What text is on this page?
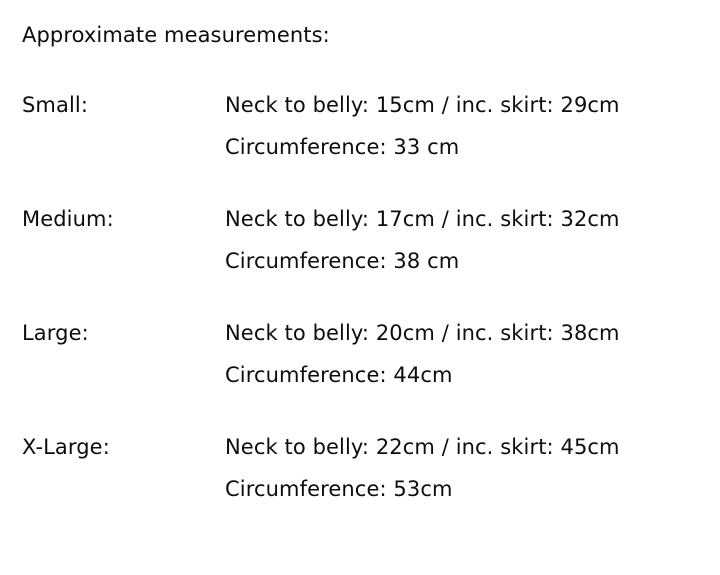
Approximate measurements:
Small:	Neck to belly: 15cm / inc. skirt: 29cm
Circumference: 33 cm
Medium:	Neck to belly: 17cm / inc. skirt: 32cm
Circumference: 38 cm
Large:	Neck to belly: 20cm / inc. skirt: 38cm
Circumference: 44cm
X-Large:	Neck to belly: 22cm / inc. skirt: 45cm
Circumference: 53cm
